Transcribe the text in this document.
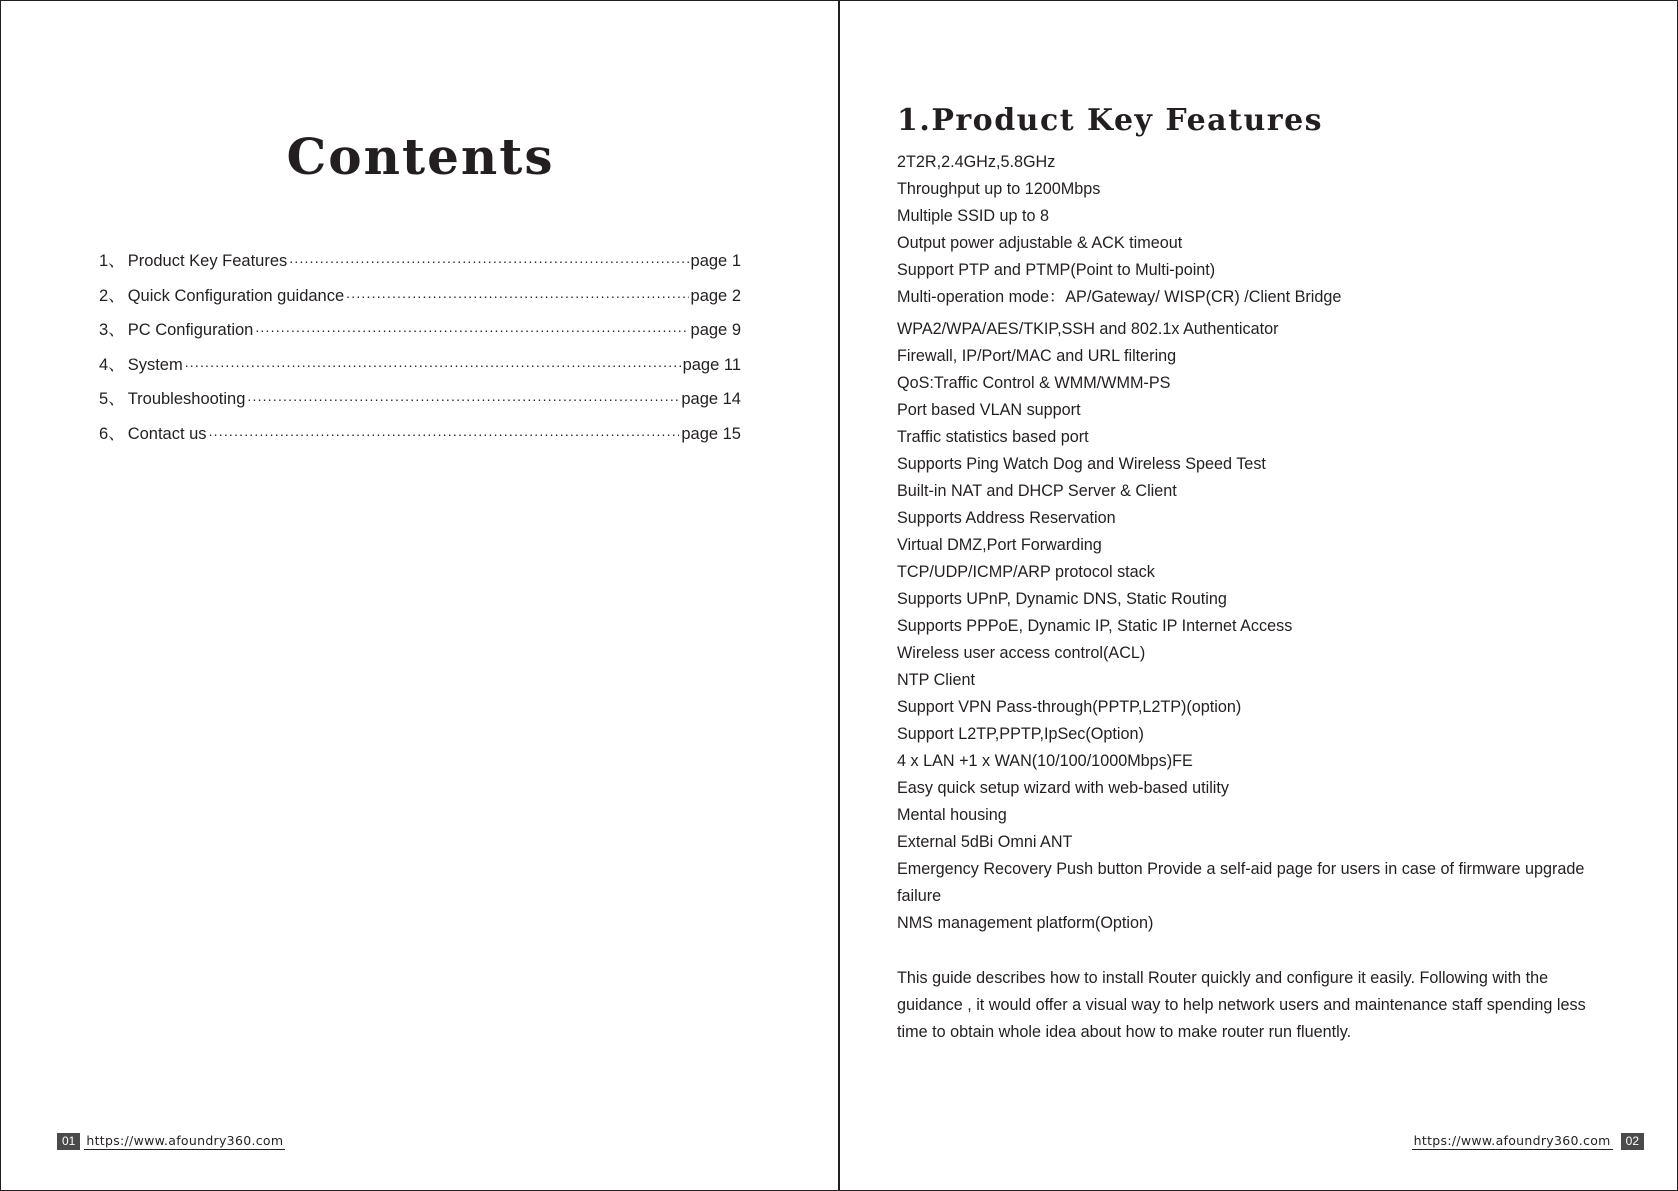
Contents
1 、 Product Key Features .....	page 1
2 、 Quick Configuration guidance .....	page 2
3 、 PC Configuration .....	page 9
4 、 System .....	page 11
5 、 Troubleshooting .....	page 14
6 、 Contact us .....	page 15
01 https://www.afoundry360.com
1.Product Key Features
2T2R,2.4GHz,5.8GHz
Throughput up to 1200Mbps
Multiple SSID up to 8
Output power adjustable & ACK timeout
Support PTP and PTMP(Point to Multi-point)
Multi-operation mode：AP/Gateway/ WISP(CR) /Client Bridge
WPA2/WPA/AES/TKIP,SSH and 802.1x Authenticator
Firewall, IP/Port/MAC and URL filtering
QoS:Traffic Control & WMM/WMM-PS
Port based VLAN support
Traffic statistics based port
Supports Ping Watch Dog and Wireless Speed Test
Built-in NAT and DHCP Server & Client
Supports Address Reservation
Virtual DMZ,Port Forwarding
TCP/UDP/ICMP/ARP protocol stack
Supports UPnP, Dynamic DNS, Static Routing
Supports PPPoE, Dynamic IP, Static IP Internet Access
Wireless user access control(ACL)
NTP Client
Support VPN Pass-through(PPTP,L2TP)(option)
Support L2TP,PPTP,IpSec(Option)
4 x LAN +1 x WAN(10/100/1000Mbps)FE
Easy quick setup wizard with web-based utility
Mental housing
External 5dBi Omni ANT
Emergency Recovery Push button Provide a self-aid page for users in case of firmware upgrade failure
NMS management platform(Option)

This guide describes how to install Router quickly and configure it easily. Following with the guidance , it would offer a visual way to help network users and maintenance staff spending less time to obtain whole idea about how to make router run fluently.

https://www.afoundry360.com	02
